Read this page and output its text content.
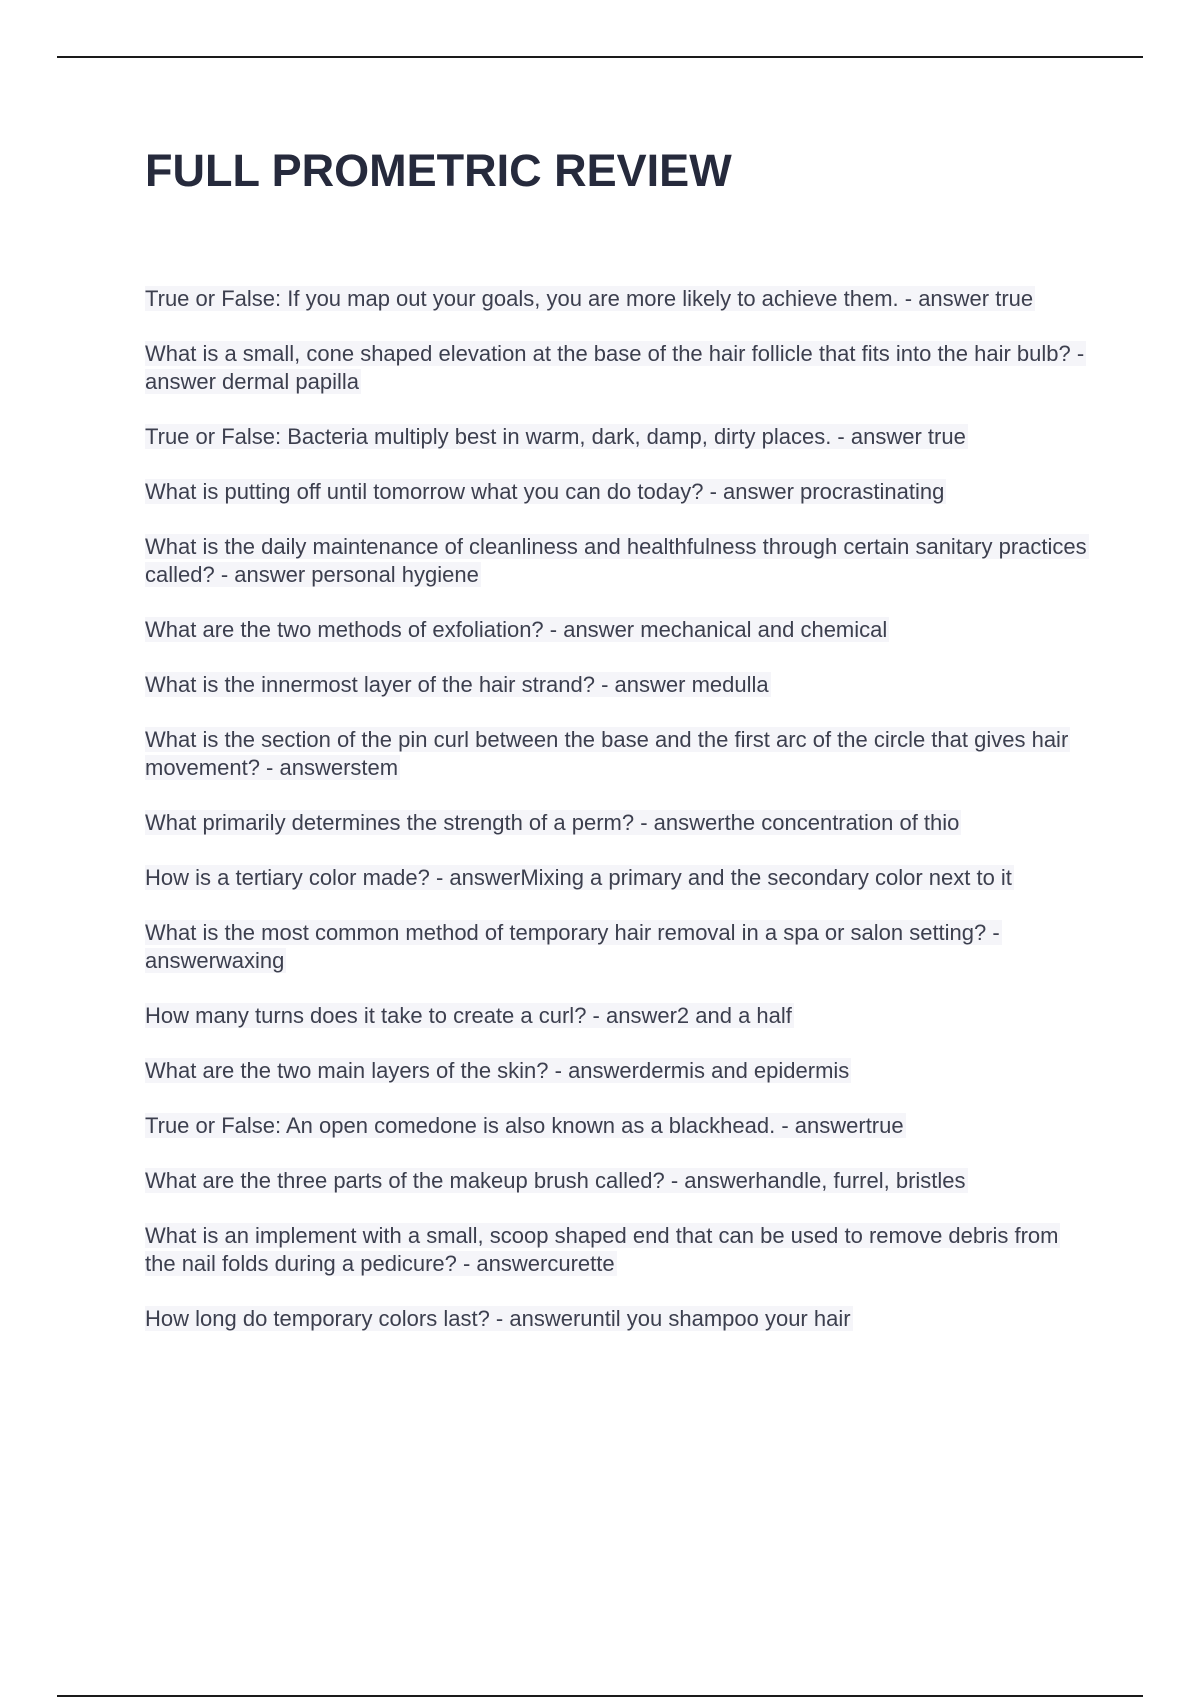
FULL PROMETRIC REVIEW

True or False: If you map out your goals, you are more likely to achieve them. - answer true

What is a small, cone shaped elevation at the base of the hair follicle that fits into the hair bulb? - answer dermal papilla

True or False: Bacteria multiply best in warm, dark, damp, dirty places. - answer true

What is putting off until tomorrow what you can do today? - answer procrastinating

What is the daily maintenance of cleanliness and healthfulness through certain sanitary practices called? - answer personal hygiene

What are the two methods of exfoliation? - answer mechanical and chemical

What is the innermost layer of the hair strand? - answer medulla

What is the section of the pin curl between the base and the first arc of the circle that gives hair movement? - answerstem

What primarily determines the strength of a perm? - answerthe concentration of thio

How is a tertiary color made? - answerMixing a primary and the secondary color next to it

What is the most common method of temporary hair removal in a spa or salon setting? - answerwaxing

How many turns does it take to create a curl? - answer2 and a half

What are the two main layers of the skin? - answerdermis and epidermis

True or False: An open comedone is also known as a blackhead. - answertrue

What are the three parts of the makeup brush called? - answerhandle, furrel, bristles

What is an implement with a small, scoop shaped end that can be used to remove debris from the nail folds during a pedicure? - answercurette

How long do temporary colors last? - answeruntil you shampoo your hair
